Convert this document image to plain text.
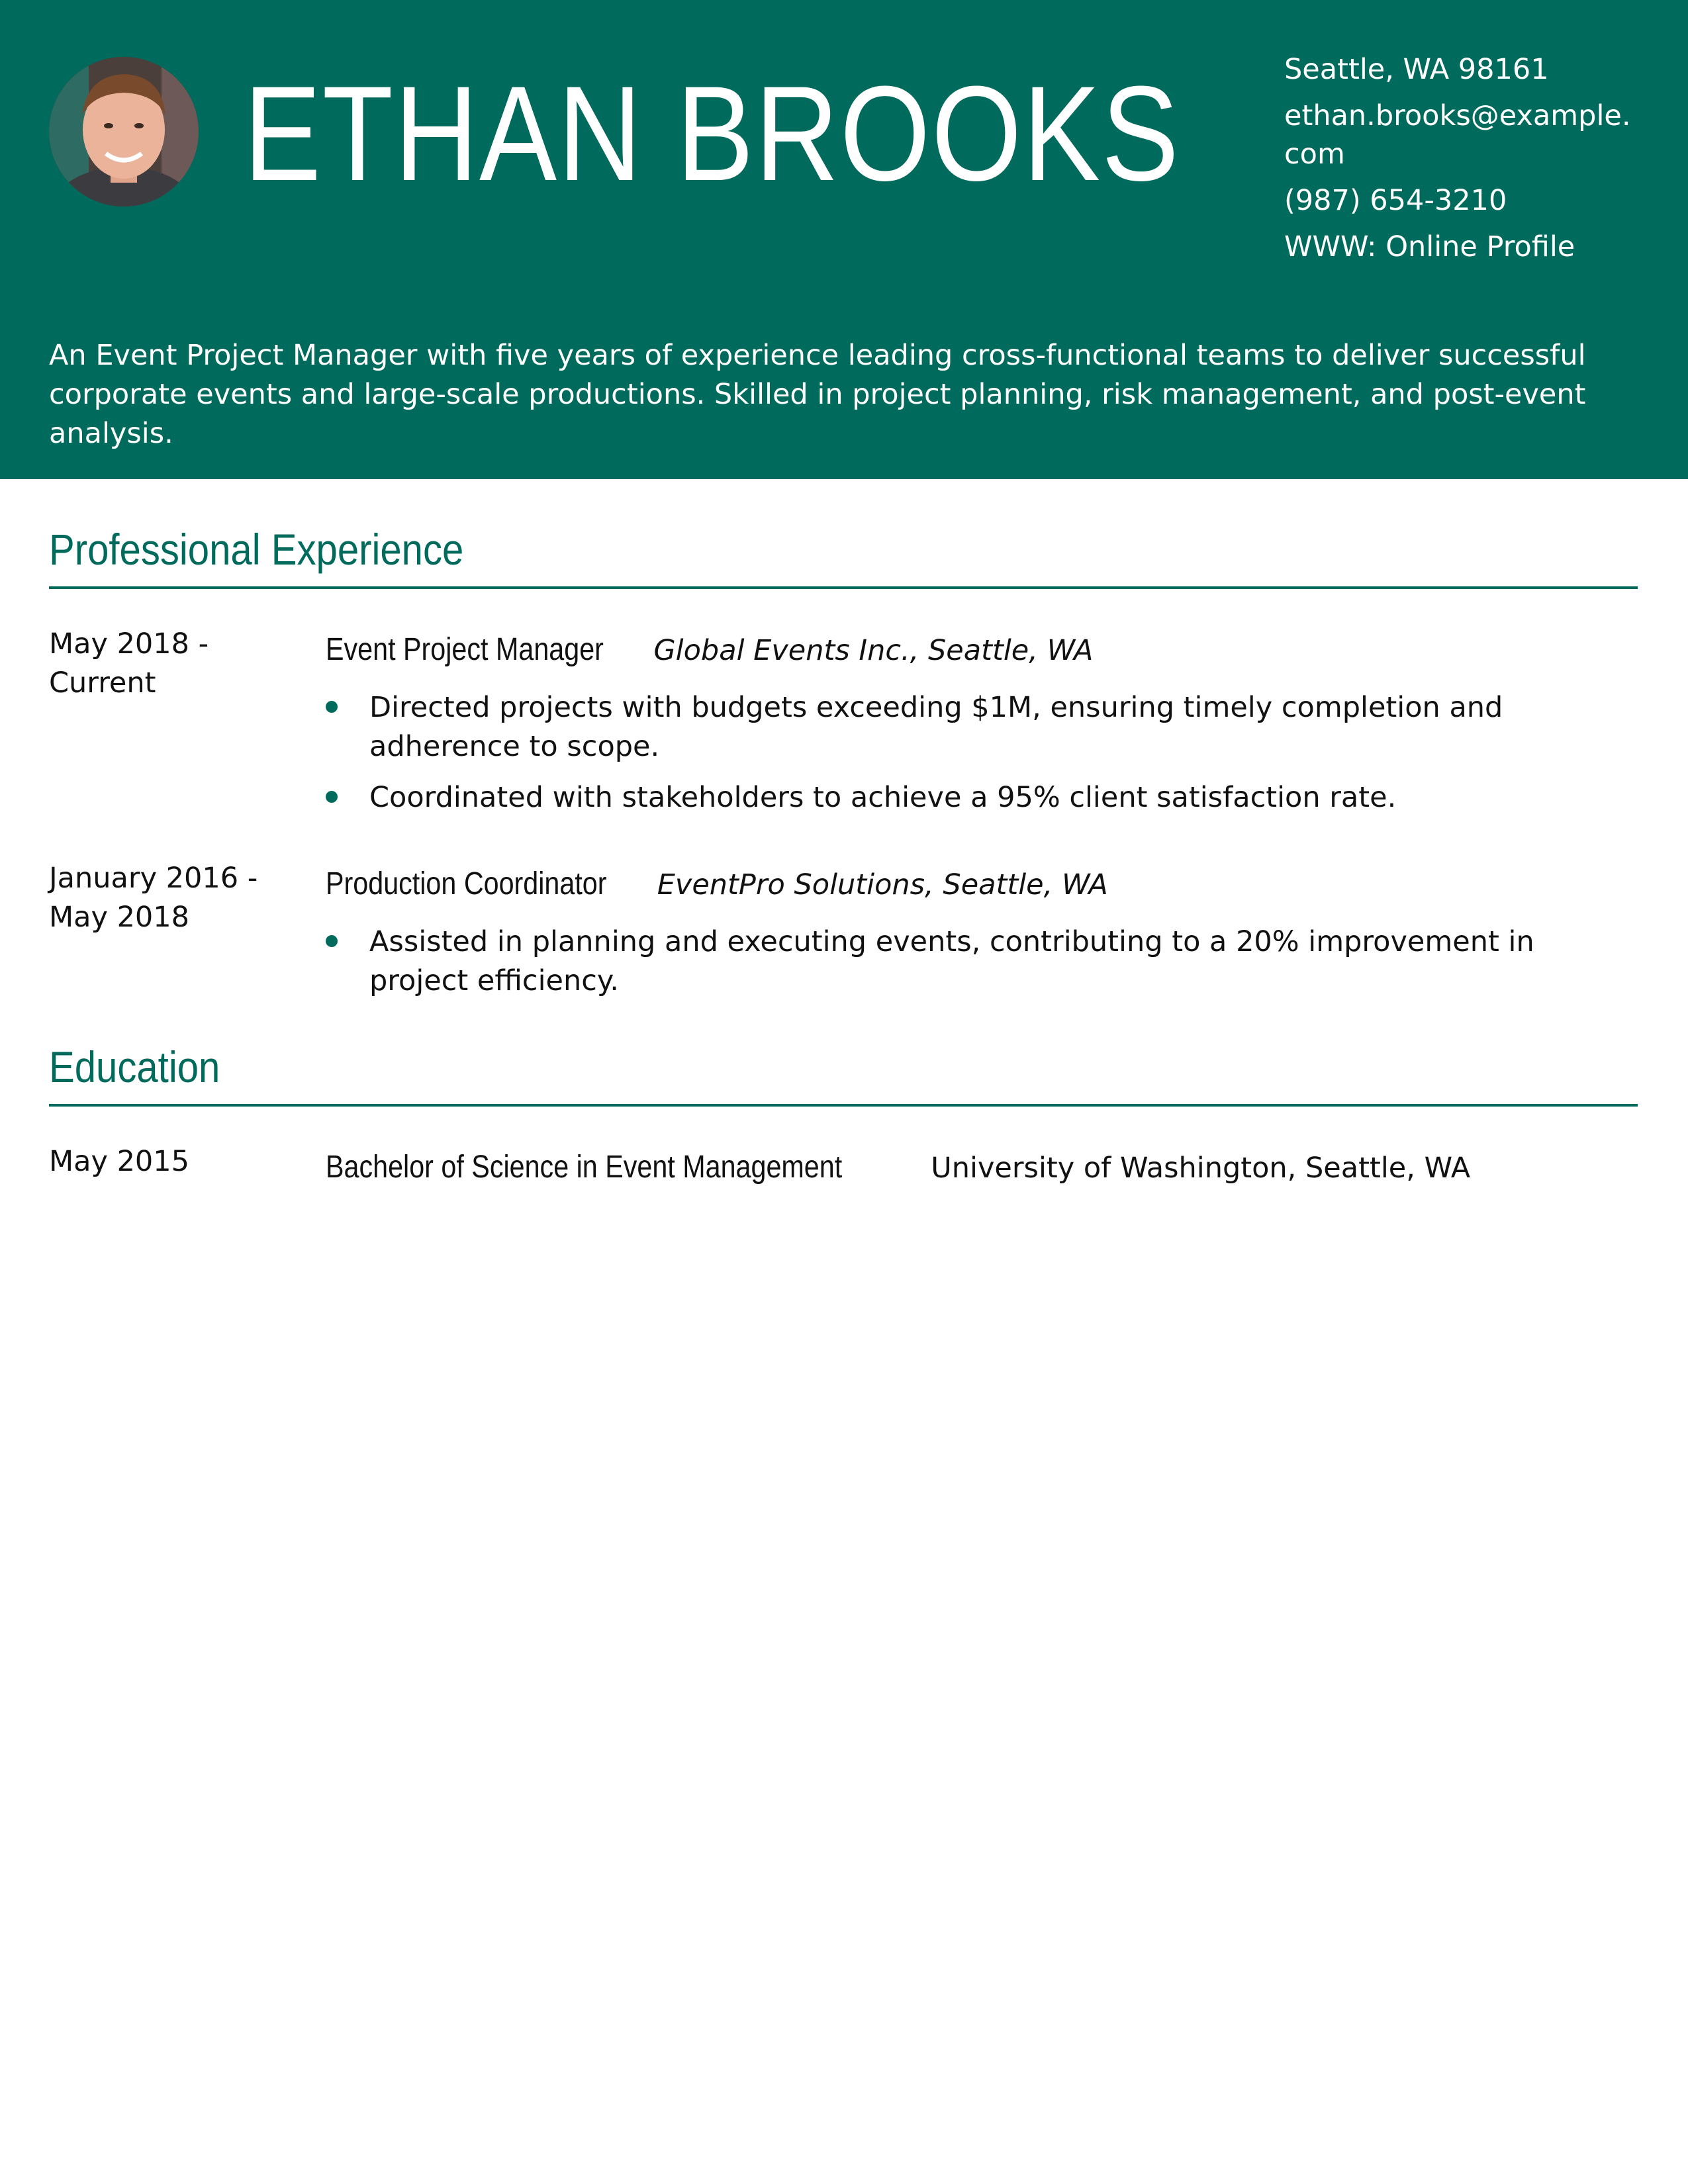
ETHAN BROOKS	Seattle, WA 98161
ethan.brooks@example.com
(987) 654-3210
WWW: Online Profile
An Event Project Manager with five years of experience leading cross-functional teams to deliver successful corporate events and large-scale productions. Skilled in project planning, risk management, and post-event analysis.
Professional Experience
May 2018 - Current
Event Project Manager Global Events Inc., Seattle, WA
Directed projects with budgets exceeding $1M, ensuring timely completion and adherence to scope.
Coordinated with stakeholders to achieve a 95% client satisfaction rate.
January 2016 - May 2018
Production Coordinator EventPro Solutions, Seattle, WA
Assisted in planning and executing events, contributing to a 20% improvement in project efficiency.
Education
May 2015	Bachelor of Science in Event Management	University of Washington, Seattle, WA
